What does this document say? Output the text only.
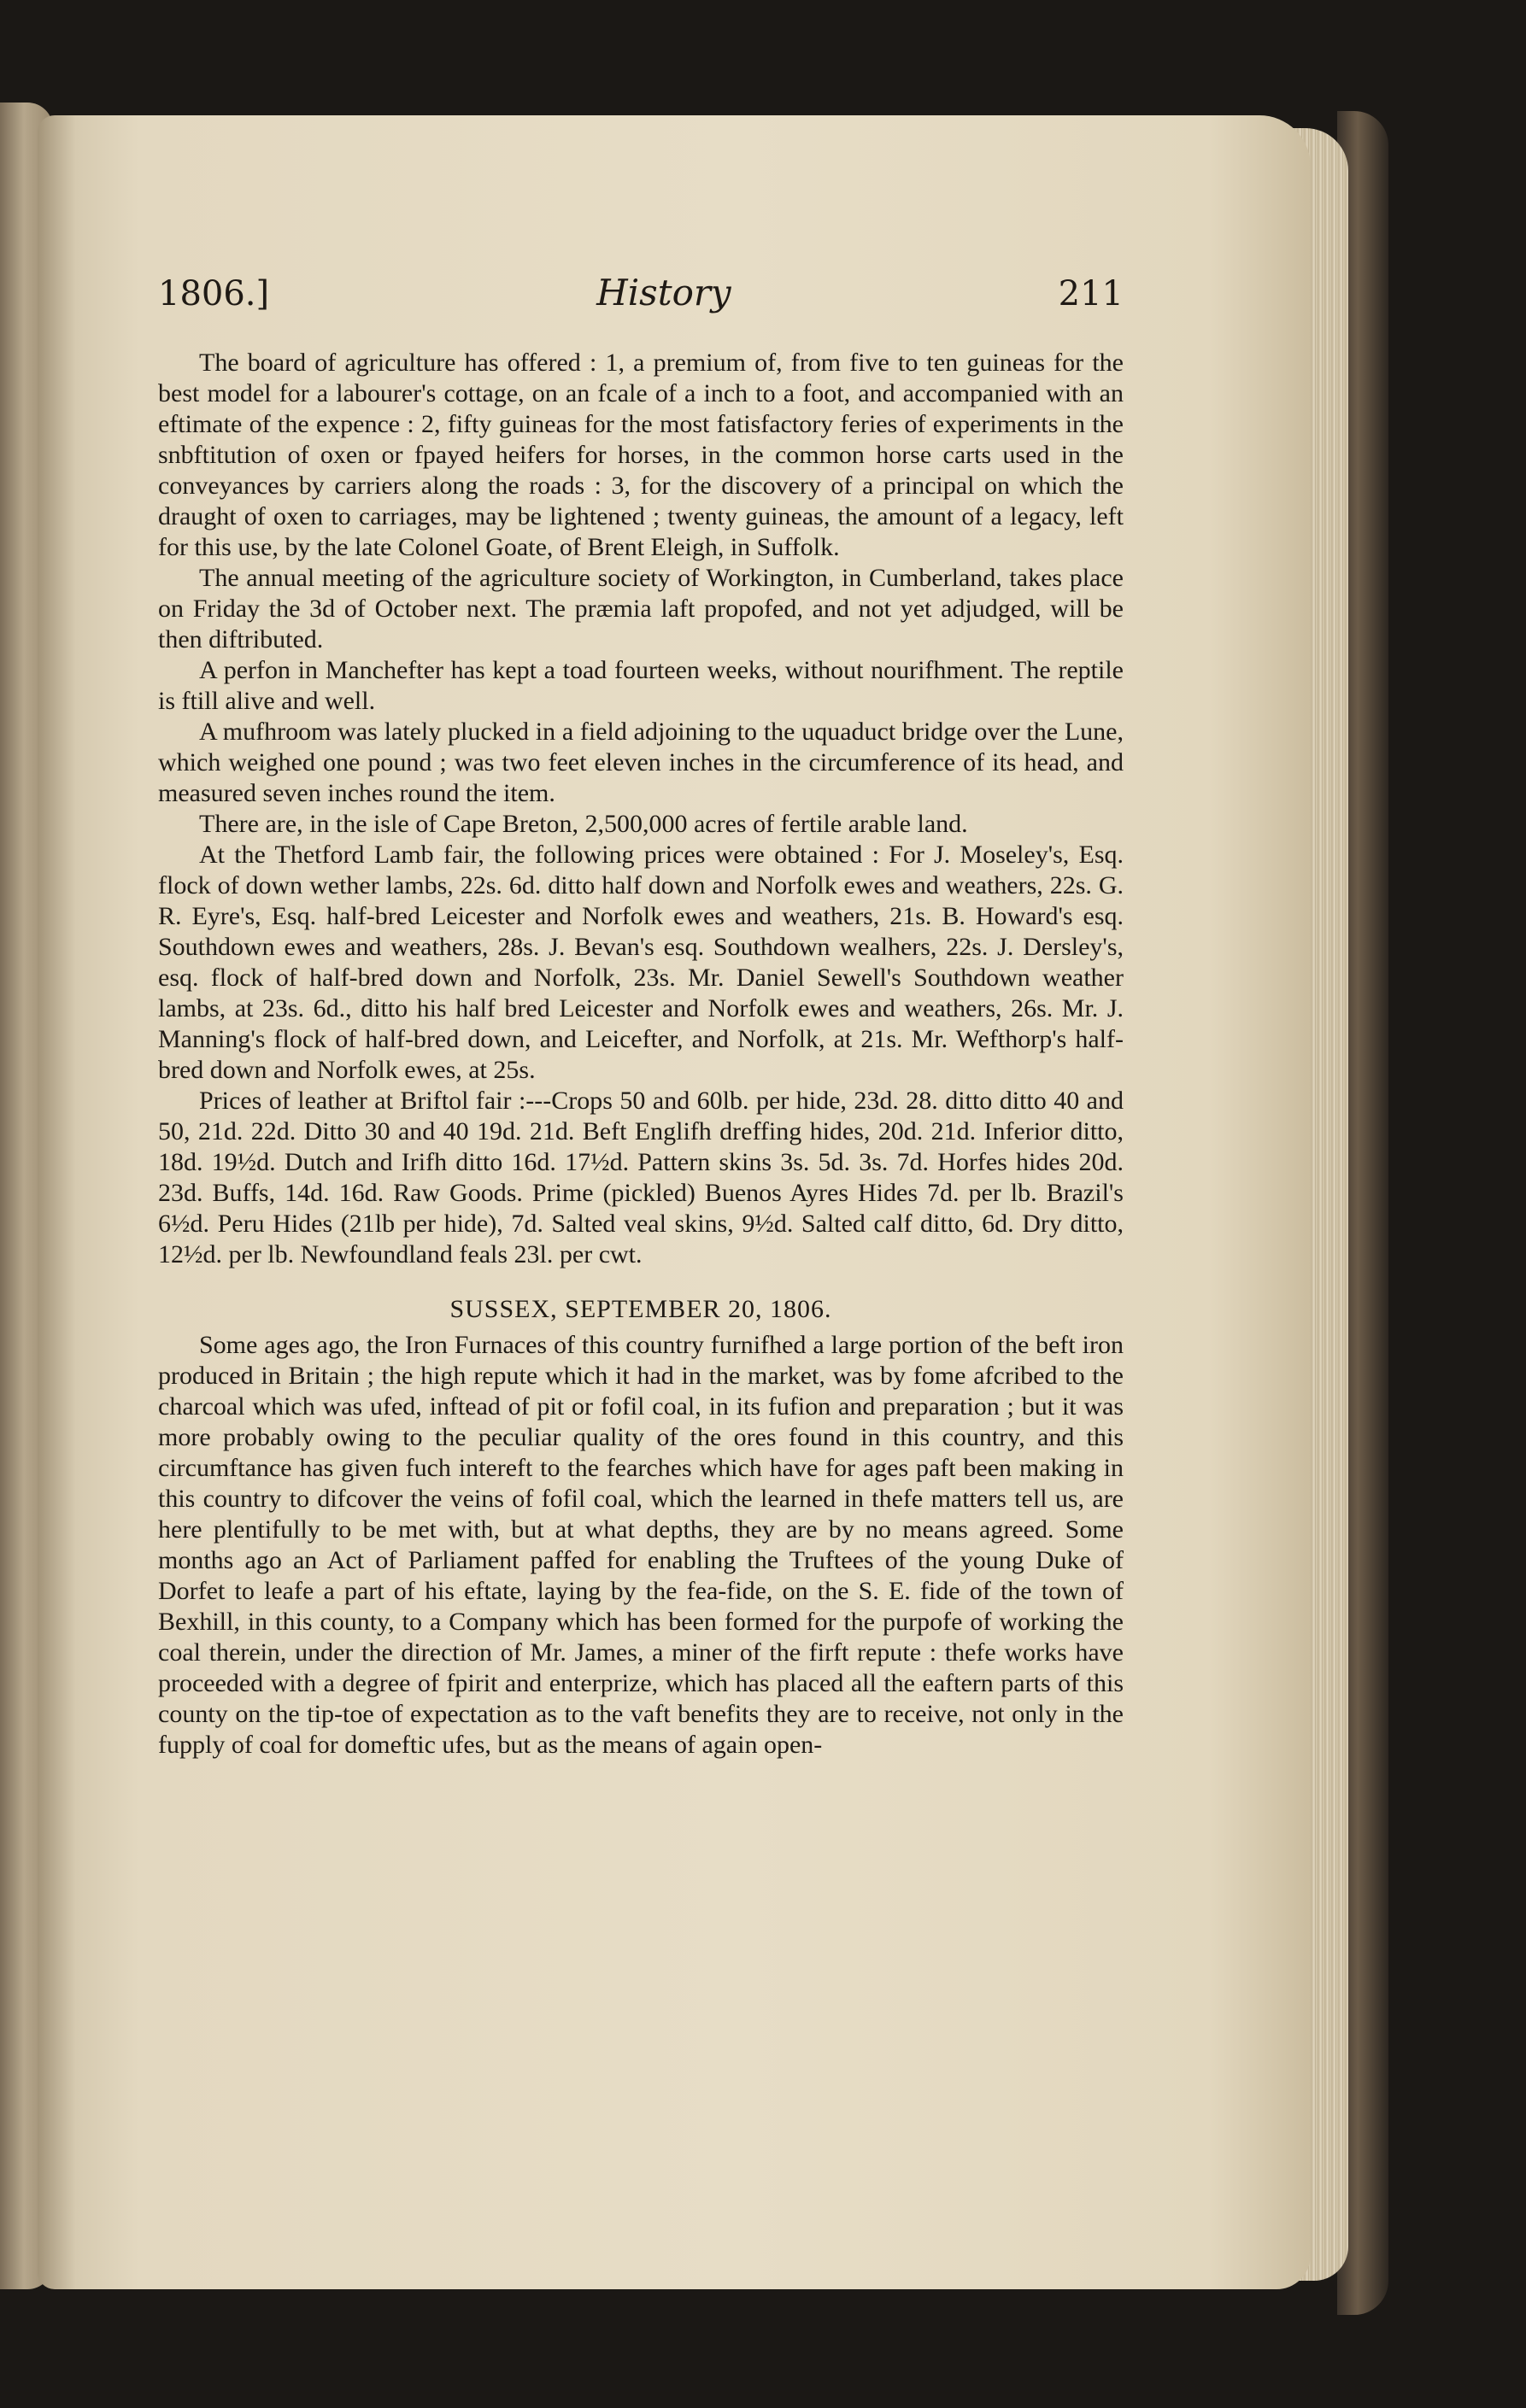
1806.]	History	211

The board of agriculture has offered : 1, a premium of, from five to ten guineas for the best model for a labourer's cottage, on an fcale of a inch to a foot, and accompanied with an eftimate of the expence : 2, fifty guineas for the most fatisfactory feries of experiments in the snbftitution of oxen or fpayed heifers for horses, in the common horse carts used in the conveyances by carriers along the roads : 3, for the discovery of a principal on which the draught of oxen to carriages, may be lightened ; twenty guineas, the amount of a legacy, left for this use, by the late Colonel Goate, of Brent Eleigh, in Suffolk.

The annual meeting of the agriculture society of Workington, in Cumberland, takes place on Friday the 3d of October next. The præmia laft propofed, and not yet adjudged, will be then diftributed.

A perfon in Manchefter has kept a toad fourteen weeks, without nourifhment. The reptile is ftill alive and well.

A mufhroom was lately plucked in a field adjoining to the uquaduct bridge over the Lune, which weighed one pound ; was two feet eleven inches in the circumference of its head, and measured seven inches round the item.

There are, in the isle of Cape Breton, 2,500,000 acres of fertile arable land.

At the Thetford Lamb fair, the following prices were obtained : For J. Moseley's, Esq. flock of down wether lambs, 22s. 6d. ditto half down and Norfolk ewes and weathers, 22s. G. R. Eyre's, Esq. half-bred Leicester and Norfolk ewes and weathers, 21s. B. Howard's esq. Southdown ewes and weathers, 28s. J. Bevan's esq. Southdown wealhers, 22s. J. Dersley's, esq. flock of half-bred down and Norfolk, 23s. Mr. Daniel Sewell's Southdown weather lambs, at 23s. 6d., ditto his half bred Leicester and Norfolk ewes and weathers, 26s. Mr. J. Manning's flock of half-bred down, and Leicefter, and Norfolk, at 21s. Mr. Wefthorp's half-bred down and Norfolk ewes, at 25s.

Prices of leather at Briftol fair :---Crops 50 and 60lb. per hide, 23d. 28. ditto ditto 40 and 50, 21d. 22d. Ditto 30 and 40 19d. 21d. Beft Englifh dreffing hides, 20d. 21d. Inferior ditto, 18d. 19½d. Dutch and Irifh ditto 16d. 17½d. Pattern skins 3s. 5d. 3s. 7d. Horfes hides 20d. 23d. Buffs, 14d. 16d. Raw Goods. Prime (pickled) Buenos Ayres Hides 7d. per lb. Brazil's 6½d. Peru Hides (21lb per hide), 7d. Salted veal skins, 9½d. Salted calf ditto, 6d. Dry ditto, 12½d. per lb. Newfoundland feals 23l. per cwt.

SUSSEX, SEPTEMBER 20, 1806.

Some ages ago, the Iron Furnaces of this country furnifhed a large portion of the beft iron produced in Britain ; the high repute which it had in the market, was by fome afcribed to the charcoal which was ufed, inftead of pit or fofil coal, in its fufion and preparation ; but it was more probably owing to the peculiar quality of the ores found in this country, and this circumftance has given fuch intereft to the fearches which have for ages paft been making in this country to difcover the veins of fofil coal, which the learned in thefe matters tell us, are here plentifully to be met with, but at what depths, they are by no means agreed. Some months ago an Act of Parliament paffed for enabling the Truftees of the young Duke of Dorfet to leafe a part of his eftate, laying by the fea-fide, on the S. E. fide of the town of Bexhill, in this county, to a Company which has been formed for the purpofe of working the coal therein, under the direction of Mr. James, a miner of the firft repute : thefe works have proceeded with a degree of fpirit and enterprize, which has placed all the eaftern parts of this county on the tip-toe of expectation as to the vaft benefits they are to receive, not only in the fupply of coal for domeftic ufes, but as the means of again open-
